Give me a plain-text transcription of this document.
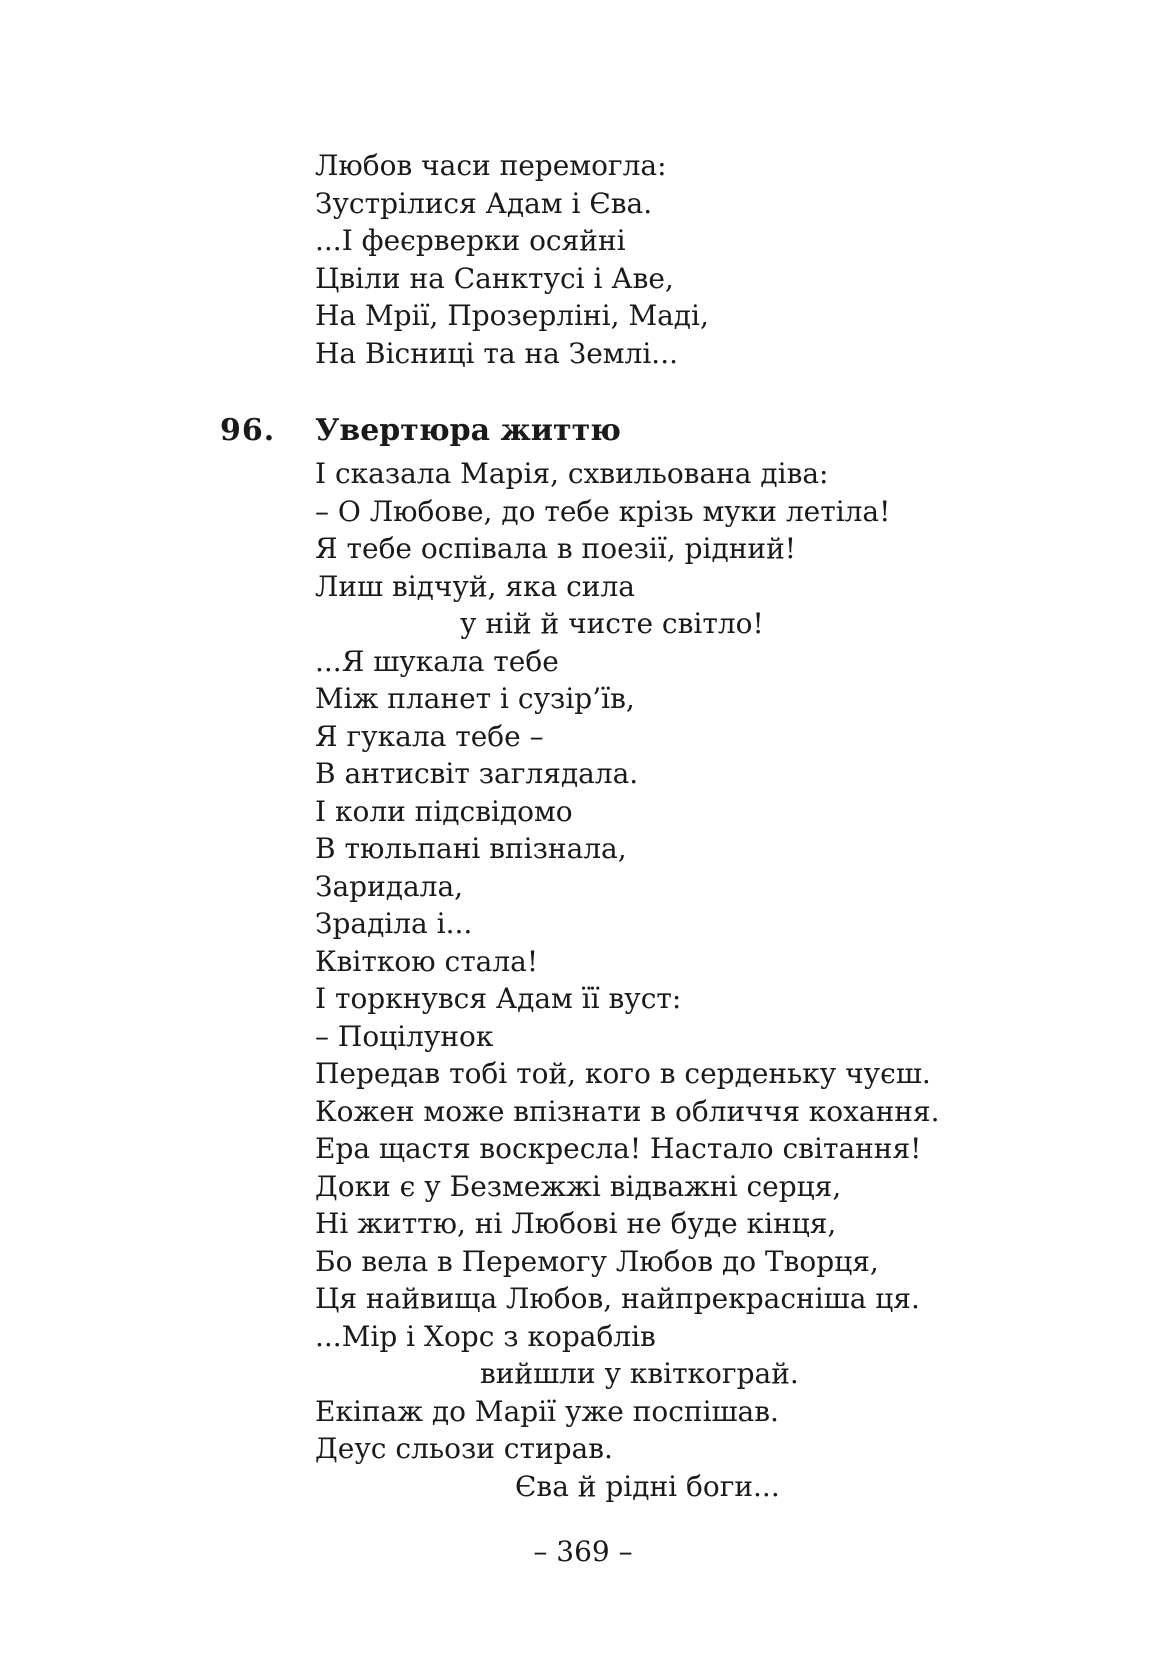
Любов часи перемогла:
Зустрілися Адам і Єва.
...І феєрверки осяйні
Цвіли на Санктусі і Аве,
На Мрії, Прозерліні, Маді,
На Вісниці та на Землі...
96.	Увертюра життю
І сказала Марія, схвильована діва:
– О Любове, до тебе крізь муки летіла!
Я тебе оспівала в поезії, рідний!
Лиш відчуй, яка сила
у ній й чисте світло!
...Я шукала тебе
Між планет і сузір’їв,
Я гукала тебе –
В антисвіт заглядала.
І коли підсвідомо
В тюльпані впізнала,
Заридала,
Зраділа і...
Квіткою стала!
І торкнувся Адам її вуст:
– Поцілунок
Передав тобі той, кого в серденьку чуєш.
Кожен може впізнати в обличчя кохання.
Ера щастя воскресла! Настало світання!
Доки є у Безмежжі відважні серця,
Ні життю, ні Любові не буде кінця,
Бо вела в Перемогу Любов до Творця,
Ця найвища Любов, найпрекрасніша ця.
...Мір і Хорс з кораблів
вийшли у квіткограй.
Екіпаж до Марії уже поспішав.
Деус сльози стирав.
Єва й рідні боги...
– 369 –
